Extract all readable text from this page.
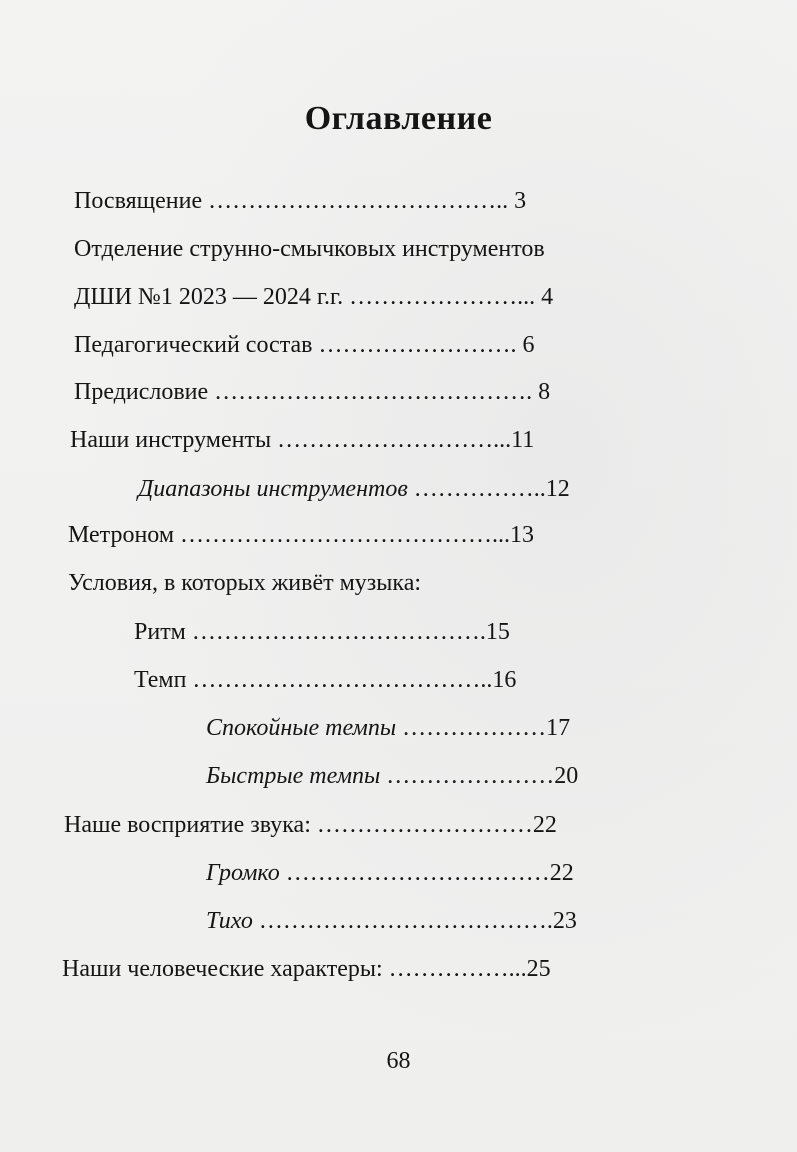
Оглавление
Посвящение ……………………………….. 3
Отделение струнно-смычковых инструментов
ДШИ №1 2023 — 2024 г.г. …………………... 4
Педагогический состав ……………………. 6
Предисловие …………………………………. 8
Наши инструменты ………………………...11
Диапазоны инструментов ……………..12
Метроном …………………………………...13
Условия, в которых живёт музыка:
Ритм ……………………………….15
Темп ………………………………..16
Спокойные темпы ………………17
Быстрые темпы …………………20
Наше восприятие звука: ………………………22
Громко ……………………………22
Тихо ……………………………….23
Наши человеческие характеры: ……………...25
68
